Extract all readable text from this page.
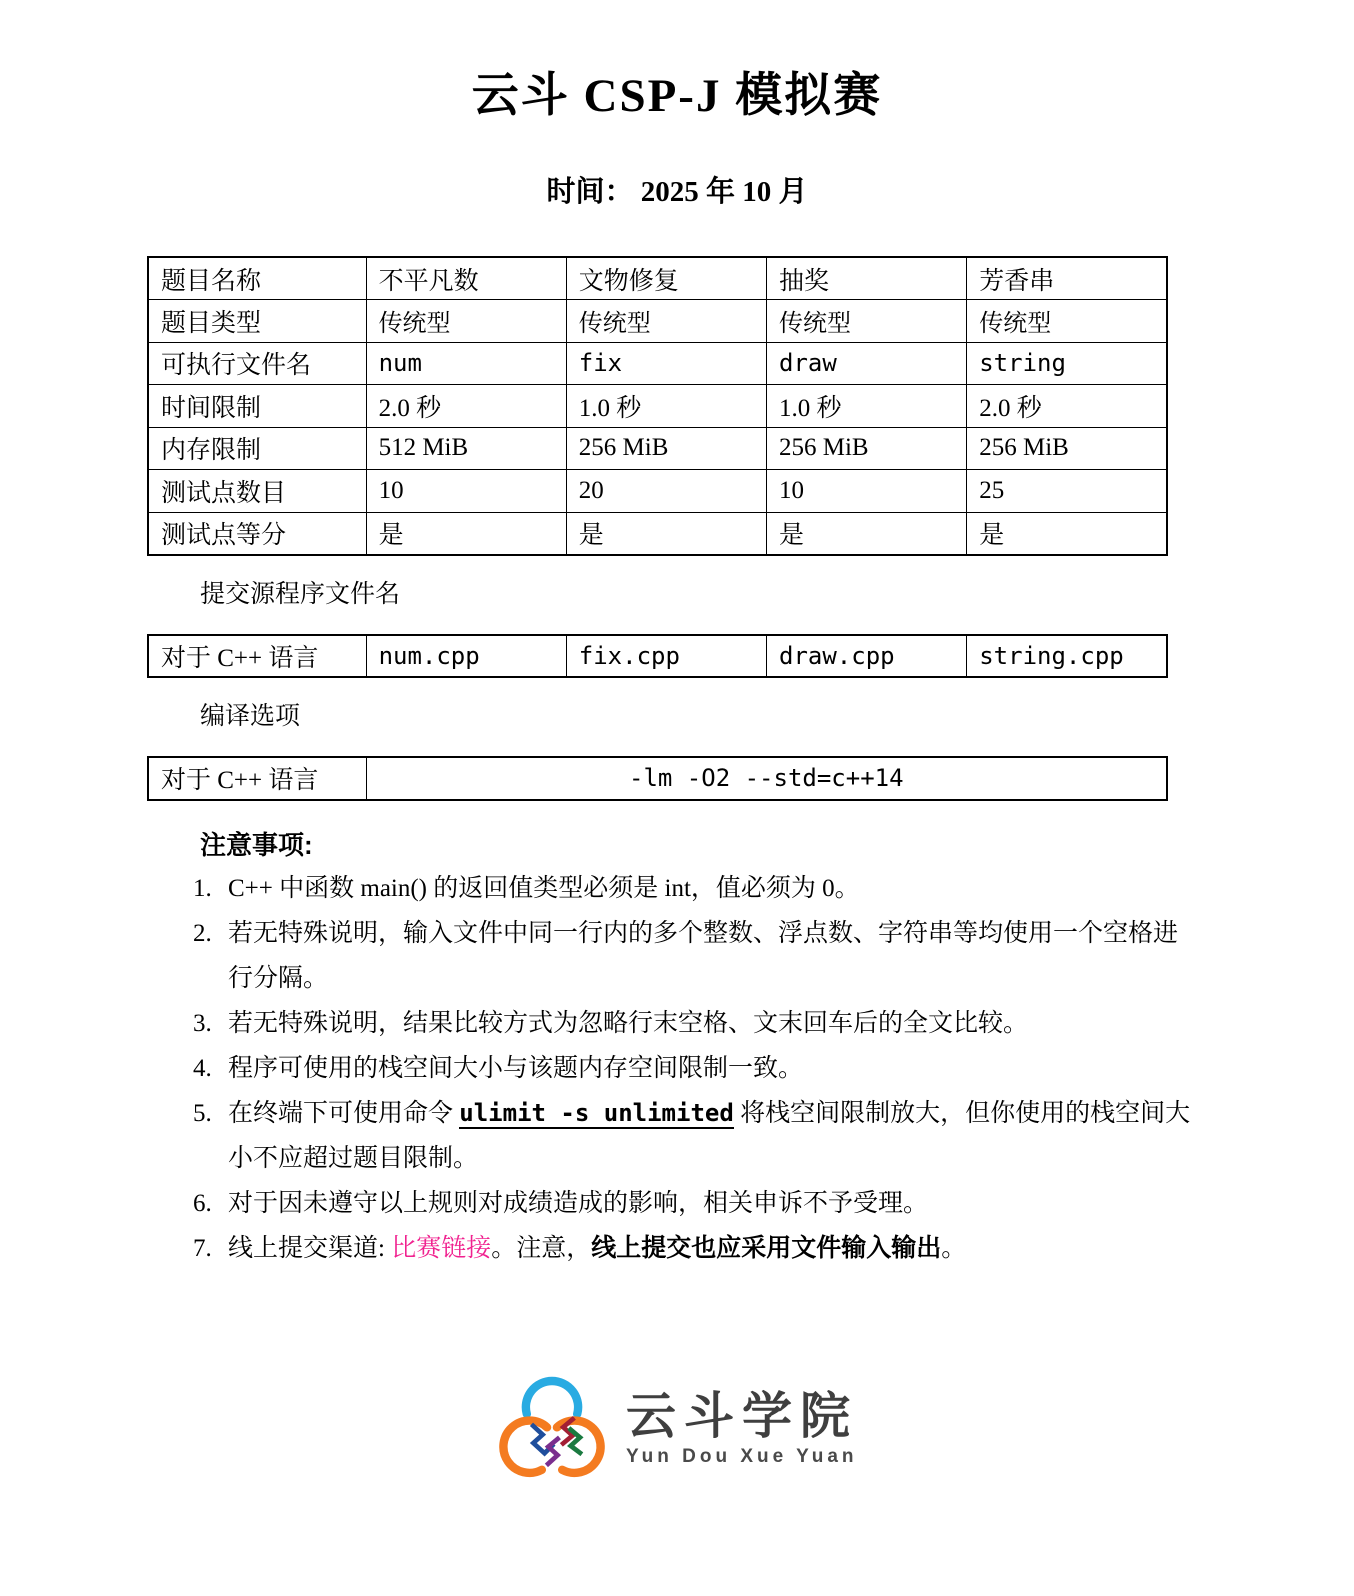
云斗 CSP-J 模拟赛
时间： 2025 年 10 月
题目名称	不平凡数	文物修复	抽奖	芳香串
题目类型	传统型	传统型	传统型	传统型
可执行文件名	num	fix	draw	string
时间限制	2.0 秒	1.0 秒	1.0 秒	2.0 秒
内存限制	512 MiB	256 MiB	256 MiB	256 MiB
测试点数目	10	20	10	25
测试点等分	是	是	是	是
提交源程序文件名
对于 C++ 语言	num.cpp	fix.cpp	draw.cpp	string.cpp
编译选项
对于 C++ 语言	-lm -O2 --std=c++14
注意事项:
1. C++ 中函数 main() 的返回值类型必须是 int，值必须为 0。
2. 若无特殊说明，输入文件中同一行内的多个整数、浮点数、字符串等均使用一个空格进行分隔。
3. 若无特殊说明，结果比较方式为忽略行末空格、文末回车后的全文比较。
4. 程序可使用的栈空间大小与该题内存空间限制一致。
5. 在终端下可使用命令 ulimit -s unlimited 将栈空间限制放大，但你使用的栈空间大小不应超过题目限制。
6. 对于因未遵守以上规则对成绩造成的影响，相关申诉不予受理。
7. 线上提交渠道: 比赛链接。注意，线上提交也应采用文件输入输出。
云斗学院
Yun Dou Xue Yuan
